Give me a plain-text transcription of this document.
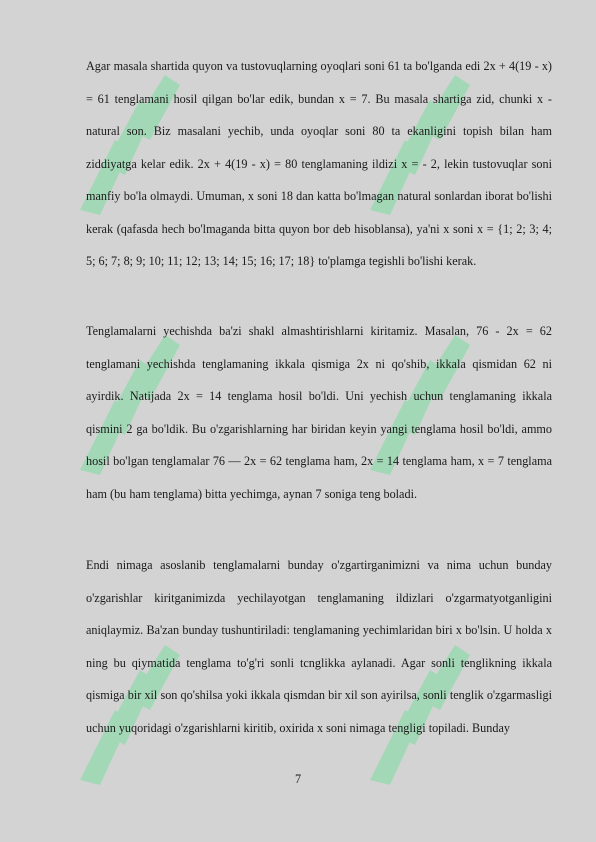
Agar masala shartida quyon va tustovuqlarning oyoqlari soni 61 ta bo'lganda edi 2x + 4(19 - x) = 61 tenglamani hosil qilgan bo'lar edik, bundan x = 7. Bu masala shartiga zid, chunki x - natural son. Biz masalani yechib, unda oyoqlar soni 80 ta ekanligini topish bilan ham ziddiyatga kelar edik. 2x + 4(19 - x) = 80 tenglamaning ildizi x = - 2, lekin tustovuqlar soni manfiy bo'la olmaydi. Umuman, x soni 18 dan katta bo'lmagan natural sonlardan iborat bo'lishi kerak (qafasda hech bo'lmaganda bitta quyon bor deb hisoblansa), ya'ni x soni x = {1; 2; 3; 4; 5; 6; 7; 8; 9; 10; 11; 12; 13; 14; 15; 16; 17; 18} to'plamga tegishli bo'lishi kerak.

Tenglamalarni yechishda ba'zi shakl almashtirishlarni kiritamiz. Masalan, 76 - 2x = 62 tenglamani yechishda tenglamaning ikkala qismiga 2x ni qo'shib, ikkala qismidan 62 ni ayirdik. Natijada 2x = 14 tenglama hosil bo'ldi. Uni yechish uchun tenglamaning ikkala qismini 2 ga bo'ldik. Bu o'zgarishlarning har biridan keyin yangi tenglama hosil bo'ldi, ammo hosil bo'lgan tenglamalar 76 — 2x = 62 tenglama ham, 2x = 14 tenglama ham, x = 7 tenglama ham (bu ham tenglama) bitta yechimga, aynan 7 soniga teng boladi.

Endi nimaga asoslanib tenglamalarni bunday o'zgartirganimizni va nima uchun bunday o'zgarishlar kiritganimizda yechilayotgan tenglamaning ildizlari o'zgarmatyotganligini aniqlaymiz. Ba'zan bunday tushuntiriladi: tenglamaning yechimlaridan biri x bo'lsin. U holda x ning bu qiymatida tenglama to'g'ri sonli tcnglikka aylanadi. Agar sonli tenglikning ikkala qismiga bir xil son qo'shilsa yoki ikkala qismdan bir xil son ayirilsa, sonli tenglik o'zgarmasligi uchun yuqoridagi o'zgarishlarni kiritib, oxirida x soni nimaga tengligi topiladi. Bunday

7
